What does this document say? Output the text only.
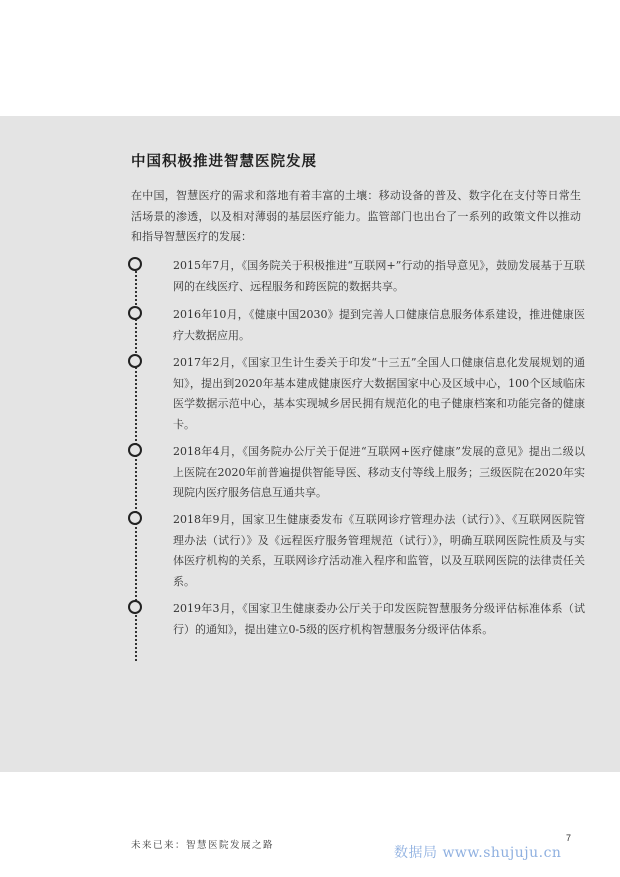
中国积极推进智慧医院发展

在中国，智慧医疗的需求和落地有着丰富的土壤：移动设备的普及、数字化在支付等日常生活场景的渗透，以及相对薄弱的基层医疗能力。监管部门也出台了一系列的政策文件以推动和指导智慧医疗的发展：

2015年7月，《国务院关于积极推进“互联网+”行动的指导意见》，鼓励发展基于互联网的在线医疗、远程服务和跨医院的数据共享。

2016年10月，《健康中国2030》提到完善人口健康信息服务体系建设，推进健康医疗大数据应用。

2017年2月，《国家卫生计生委关于印发“十三五”全国人口健康信息化发展规划的通知》，提出到2020年基本建成健康医疗大数据国家中心及区域中心，100个区域临床医学数据示范中心，基本实现城乡居民拥有规范化的电子健康档案和功能完备的健康卡。

2018年4月，《国务院办公厅关于促进“互联网+医疗健康”发展的意见》提出二级以上医院在2020年前普遍提供智能导医、移动支付等线上服务；三级医院在2020年实现院内医疗服务信息互通共享。

2018年9月，国家卫生健康委发布《互联网诊疗管理办法（试行）》、《互联网医院管理办法（试行）》及《远程医疗服务管理规范（试行）》，明确互联网医院性质及与实体医疗机构的关系，互联网诊疗活动准入程序和监管，以及互联网医院的法律责任关系。

2019年3月，《国家卫生健康委办公厅关于印发医院智慧服务分级评估标准体系（试行）的通知》，提出建立0-5级的医疗机构智慧服务分级评估体系。

未来已来：智慧医院发展之路
7
数据局 www.shujuju.cn
